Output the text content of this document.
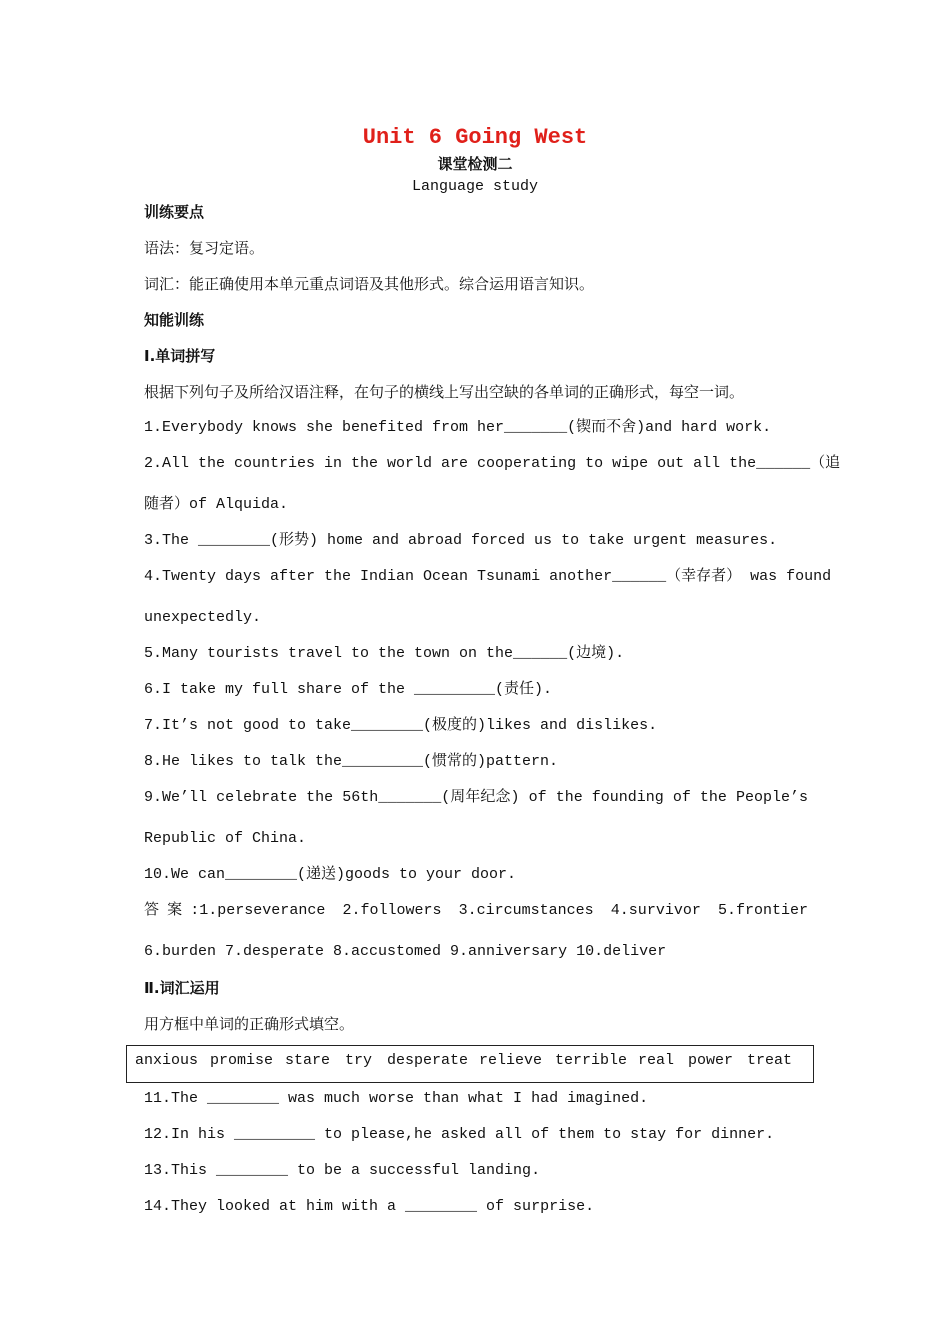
Unit 6 Going West
课堂检测二
Language study
训练要点
语法：复习定语。
词汇：能正确使用本单元重点词语及其他形式。综合运用语言知识。
知能训练
Ⅰ.单词拼写
根据下列句子及所给汉语注释，在句子的横线上写出空缺的各单词的正确形式，每空一词。
1.Everybody knows she benefited from her_______(锲而不舍)and hard work.
2.All the countries in the world are cooperating to wipe out all the______（追
随者）of Alquida.
3.The ________(形势) home and abroad forced us to take urgent measures.
4.Twenty days after the Indian Ocean Tsunami another______（幸存者） was found
unexpectedly.
5.Many tourists travel to the town on the______(边境).
6.I take my full share of the _________(责任).
7.It’s not good to take________(极度的)likes and dislikes.
8.He likes to talk the_________(惯常的)pattern.
9.We’ll celebrate the 56th_______(周年纪念) of the founding of the People’s
Republic of China.
10.We can________(递送)goods to your door.
答案:1.perseverance 2.followers 3.circumstances 4.survivor 5.frontier
6.burden 7.desperate 8.accustomed 9.anniversary 10.deliver
Ⅱ.词汇运用
用方框中单词的正确形式填空。
anxious promise stare try desperate relieve terrible real power treat
11.The ________ was much worse than what I had imagined.
12.In his _________ to please,he asked all of them to stay for dinner.
13.This ________ to be a successful landing.
14.They looked at him with a ________ of surprise.
